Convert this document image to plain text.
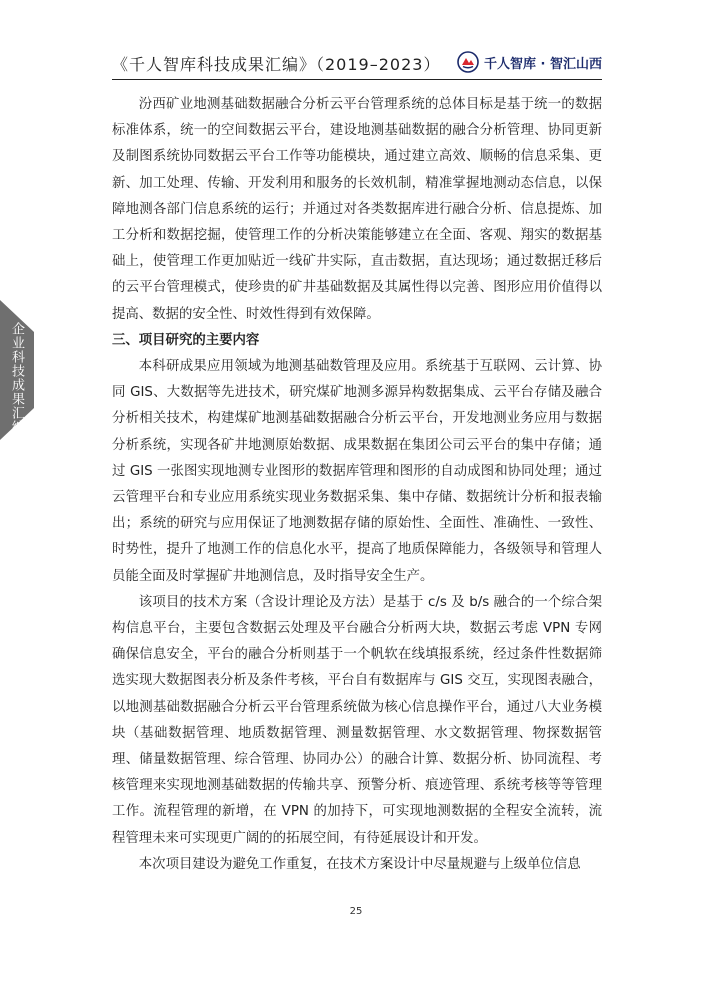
《千人智库科技成果汇编》（2019–2023）	千人智库 · 智汇山西
企业科技成果汇编

汾西矿业地测基础数据融合分析云平台管理系统的总体目标是基于统一的数据标准体系，统一的空间数据云平台，建设地测基础数据的融合分析管理、协同更新及制图系统协同数据云平台工作等功能模块，通过建立高效、顺畅的信息采集、更新、加工处理、传输、开发利用和服务的长效机制，精准掌握地测动态信息，以保障地测各部门信息系统的运行；并通过对各类数据库进行融合分析、信息提炼、加工分析和数据挖掘，使管理工作的分析决策能够建立在全面、客观、翔实的数据基础上，使管理工作更加贴近一线矿井实际，直击数据，直达现场；通过数据迁移后的云平台管理模式，使珍贵的矿井基础数据及其属性得以完善、图形应用价值得以提高、数据的安全性、时效性得到有效保障。

三、项目研究的主要内容

本科研成果应用领域为地测基础数管理及应用。系统基于互联网、云计算、协同 GIS、大数据等先进技术，研究煤矿地测多源异构数据集成、云平台存储及融合分析相关技术，构建煤矿地测基础数据融合分析云平台，开发地测业务应用与数据分析系统，实现各矿井地测原始数据、成果数据在集团公司云平台的集中存储；通过 GIS 一张图实现地测专业图形的数据库管理和图形的自动成图和协同处理；通过云管理平台和专业应用系统实现业务数据采集、集中存储、数据统计分析和报表输出；系统的研究与应用保证了地测数据存储的原始性、全面性、准确性、一致性、时势性，提升了地测工作的信息化水平，提高了地质保障能力，各级领导和管理人员能全面及时掌握矿井地测信息，及时指导安全生产。

该项目的技术方案（含设计理论及方法）是基于 c/s 及 b/s 融合的一个综合架构信息平台，主要包含数据云处理及平台融合分析两大块，数据云考虑 VPN 专网确保信息安全，平台的融合分析则基于一个帆软在线填报系统，经过条件性数据筛选实现大数据图表分析及条件考核，平台自有数据库与 GIS 交互，实现图表融合，以地测基础数据融合分析云平台管理系统做为核心信息操作平台，通过八大业务模块（基础数据管理、地质数据管理、测量数据管理、水文数据管理、物探数据管理、储量数据管理、综合管理、协同办公）的融合计算、数据分析、协同流程、考核管理来实现地测基础数据的传输共享、预警分析、痕迹管理、系统考核等等管理工作。流程管理的新增，在 VPN 的加持下，可实现地测数据的全程安全流转，流程管理未来可实现更广阔的的拓展空间，有待延展设计和开发。

本次项目建设为避免工作重复，在技术方案设计中尽量规避与上级单位信息

25
